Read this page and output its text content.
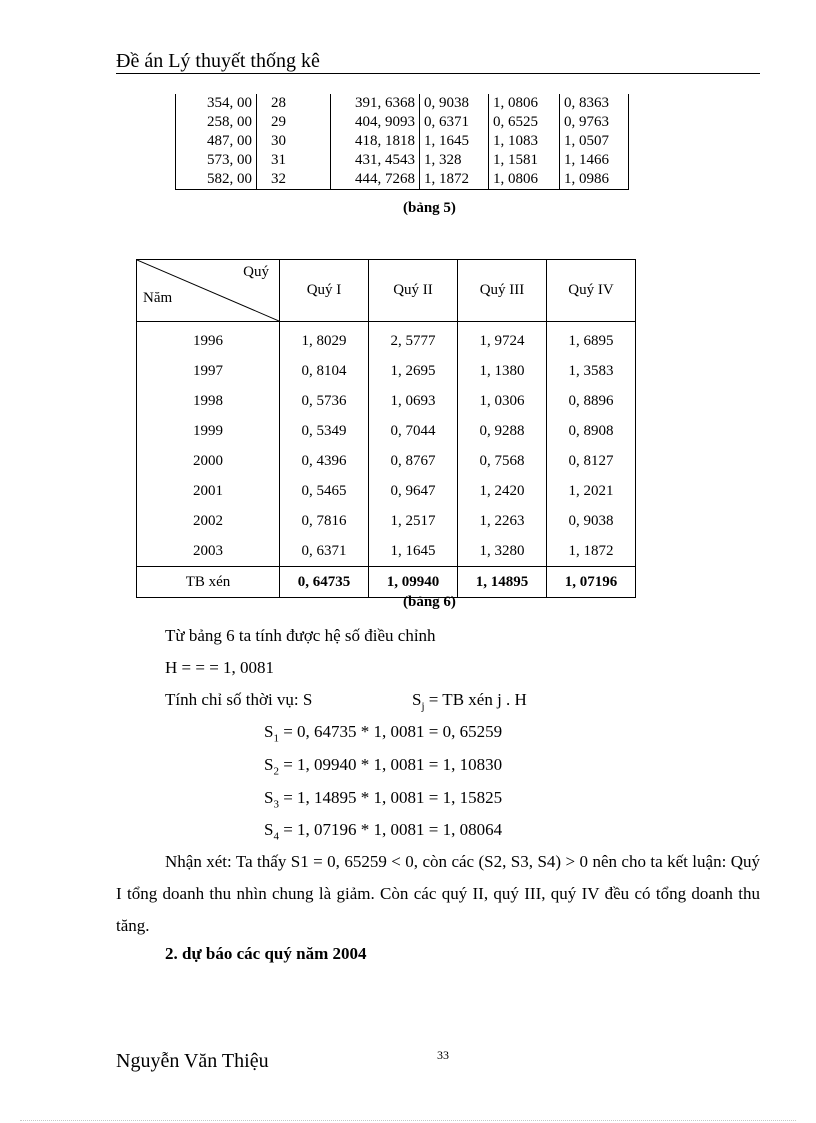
Đề án Lý thuyết thống kê
354, 00	28	391, 6368	0, 9038	1, 0806	0, 8363
258, 00	29	404, 9093	0, 6371	0, 6525	0, 9763
487, 00	30	418, 1818	1, 1645	1, 1083	1, 0507
573, 00	31	431, 4543	1, 328	1, 1581	1, 1466
582, 00	32	444, 7268	1, 1872	1, 0806	1, 0986
(bảng 5)
Quý
Năm	Quý I	Quý II	Quý III	Quý IV
1996	1, 8029	2, 5777	1, 9724	1, 6895
1997	0, 8104	1, 2695	1, 1380	1, 3583
1998	0, 5736	1, 0693	1, 0306	0, 8896
1999	0, 5349	0, 7044	0, 9288	0, 8908
2000	0, 4396	0, 8767	0, 7568	0, 8127
2001	0, 5465	0, 9647	1, 2420	1, 2021
2002	0, 7816	1, 2517	1, 2263	0, 9038
2003	0, 6371	1, 1645	1, 3280	1, 1872
TB xén	0, 64735	1, 09940	1, 14895	1, 07196
(bảng 6)
Từ bảng 6 ta tính được hệ số điều chỉnh
H = = = 1, 0081
Tính chỉ số thời vụ: S	$S_j$ = TB xén j . H
$S_1 = 0$, 64735 * 1, 0081 = 0, 65259
$S_2 = 1$, 09940 * 1, 0081 = 1, 10830
$S_3 = 1$, 14895 * 1, 0081 = 1, 15825
$S_4 = 1$, 07196 * 1, 0081 = 1, 08064
Nhận xét: Ta thấy S1 = 0, 65259 < 0, còn các (S2, S3, S4) > 0 nên cho ta kết luận: Quý I tổng doanh thu nhìn chung là giảm. Còn các quý II, quý III, quý IV đều có tổng doanh thu tăng.
2. dự báo các quý năm 2004
Nguyễn Văn Thiệu	33
